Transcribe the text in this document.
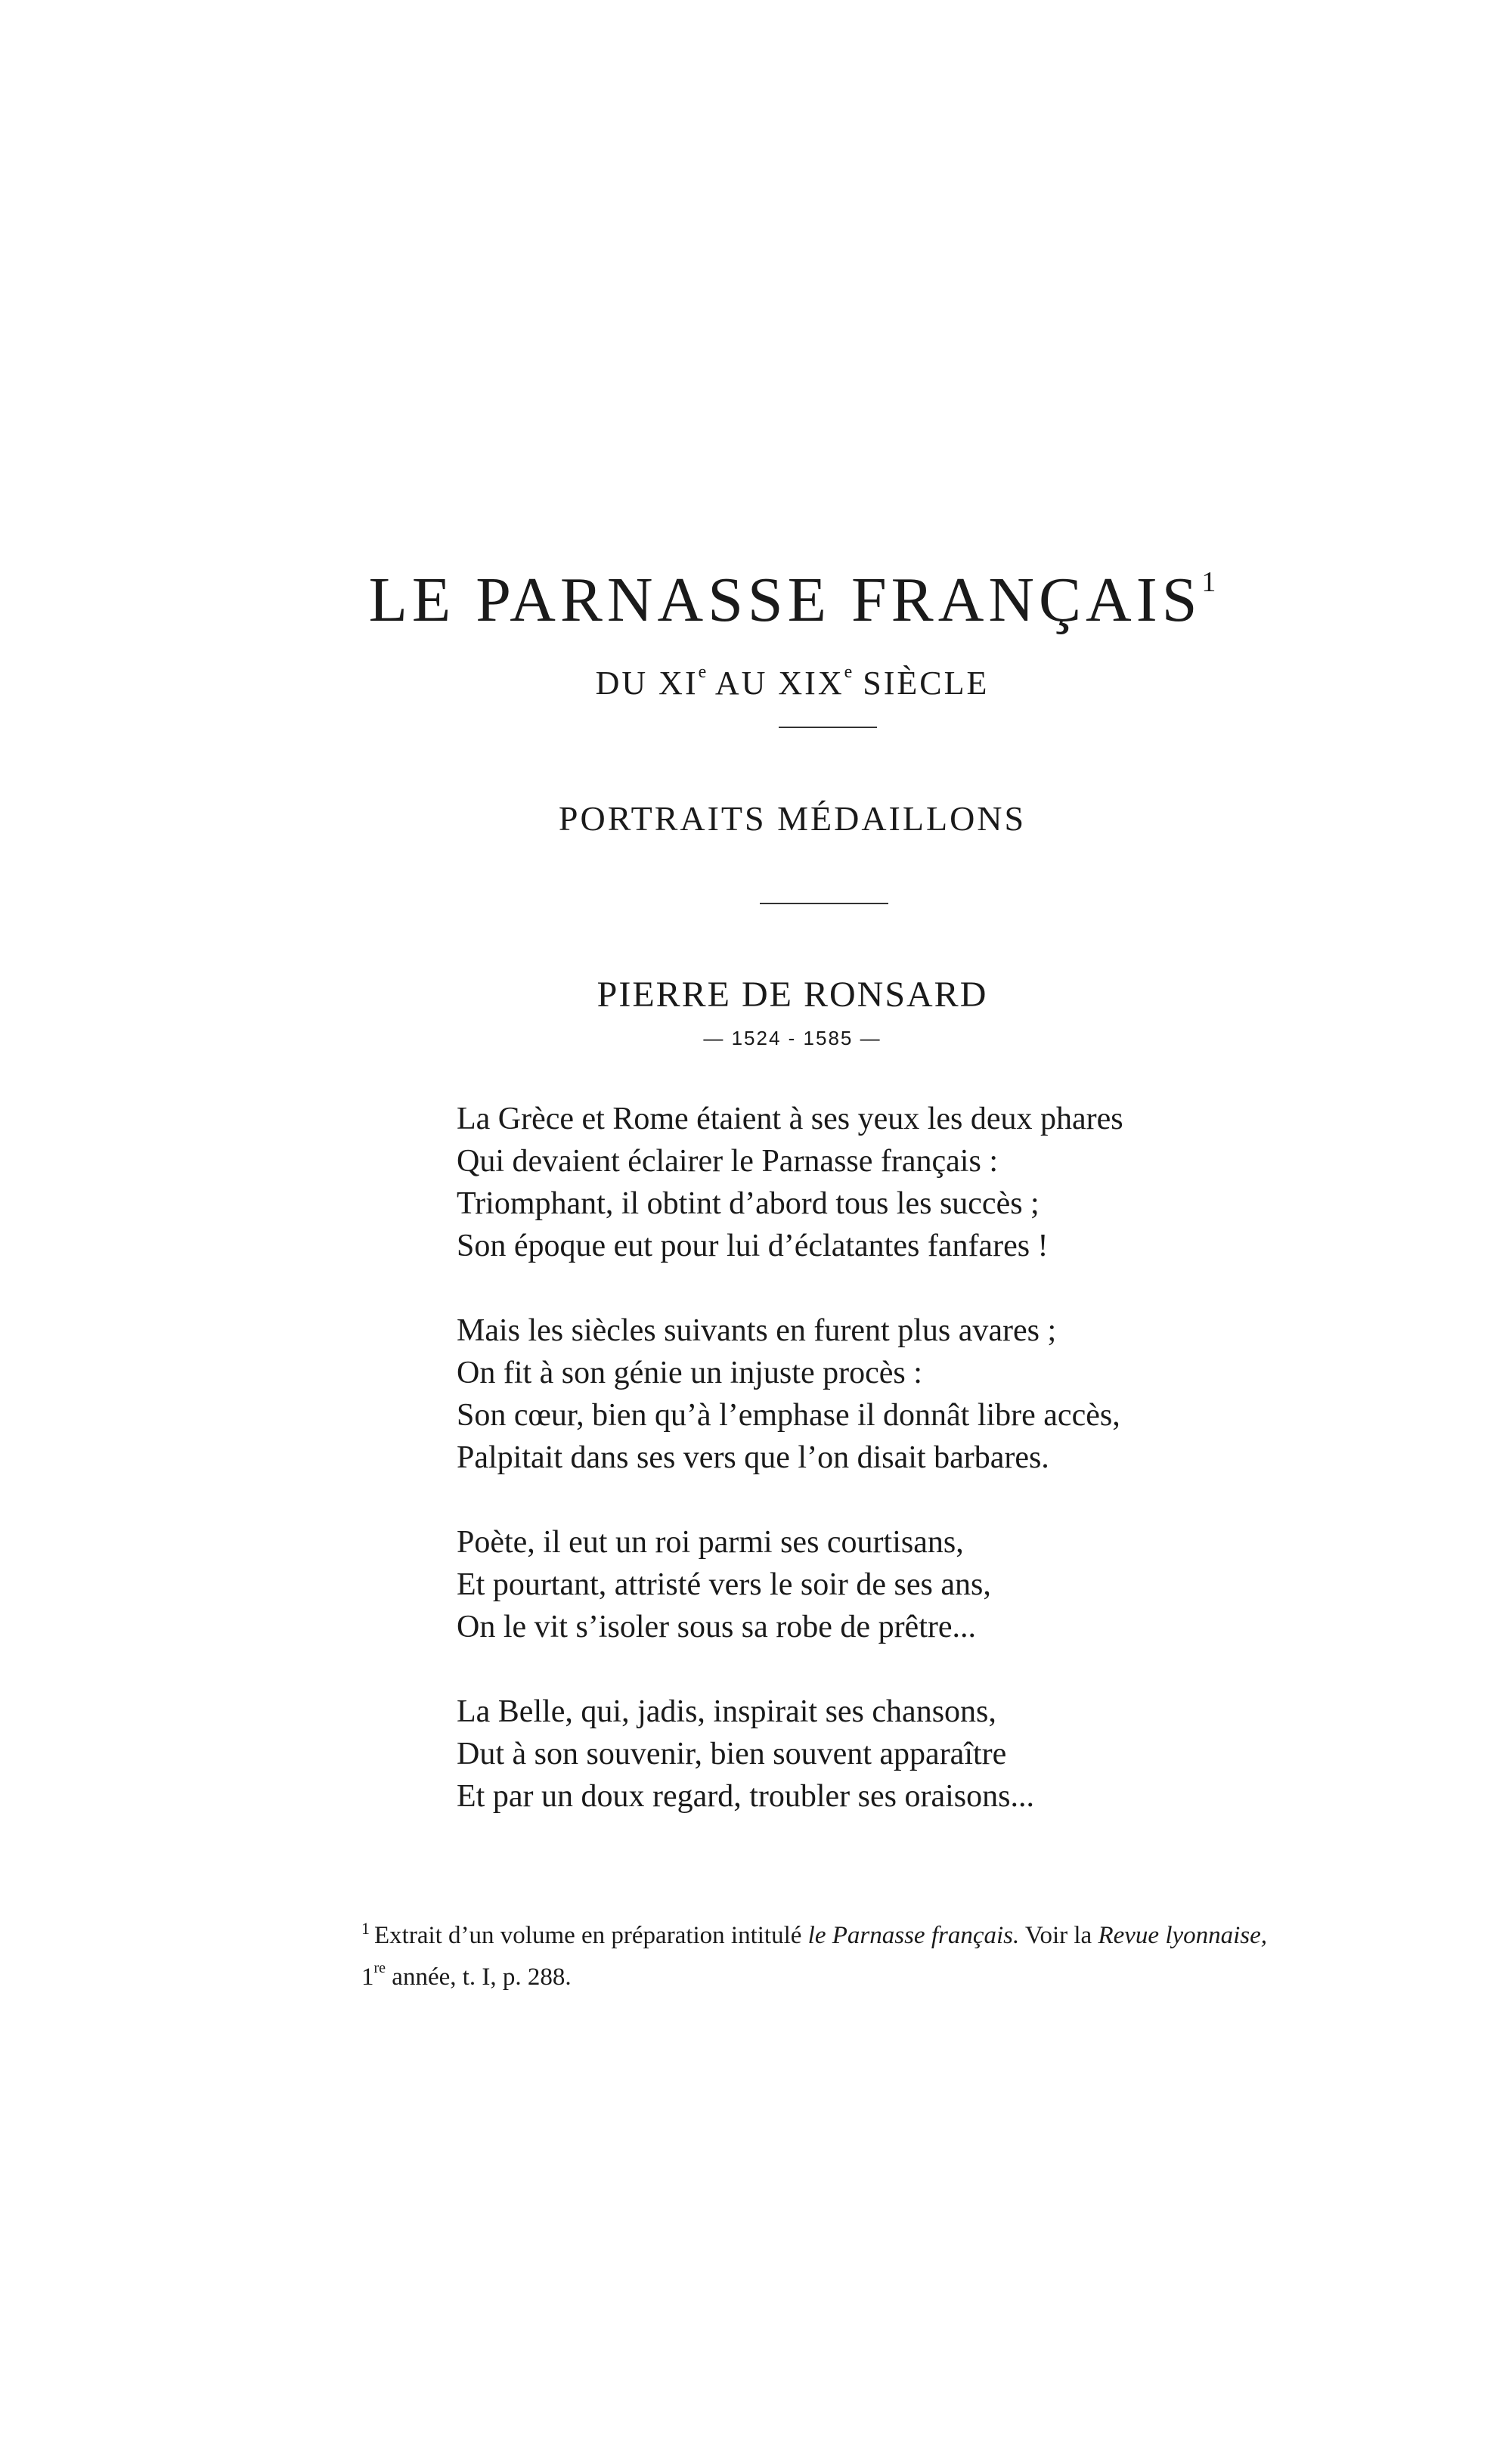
LE PARNASSE FRANÇAIS$^1$
DU XIe AU XIXe SIÈCLE
PORTRAITS MÉDAILLONS
PIERRE DE RONSARD
— 1524 - 1585 —
La Grèce et Rome étaient à ses yeux les deux phares
Qui devaient éclairer le Parnasse français :
Triomphant, il obtint d’abord tous les succès ;
Son époque eut pour lui d’éclatantes fanfares !
Mais les siècles suivants en furent plus avares ;
On fit à son génie un injuste procès :
Son cœur, bien qu’à l’emphase il donnât libre accès,
Palpitait dans ses vers que l’on disait barbares.
Poète, il eut un roi parmi ses courtisans,
Et pourtant, attristé vers le soir de ses ans,
On le vit s’isoler sous sa robe de prêtre...
La Belle, qui, jadis, inspirait ses chansons,
Dut à son souvenir, bien souvent apparaître
Et par un doux regard, troubler ses oraisons...
$^1$ Extrait d’un volume en préparation intitulé le Parnasse français. Voir la Revue lyonnaise, 1re année, t. I, p. 288.
